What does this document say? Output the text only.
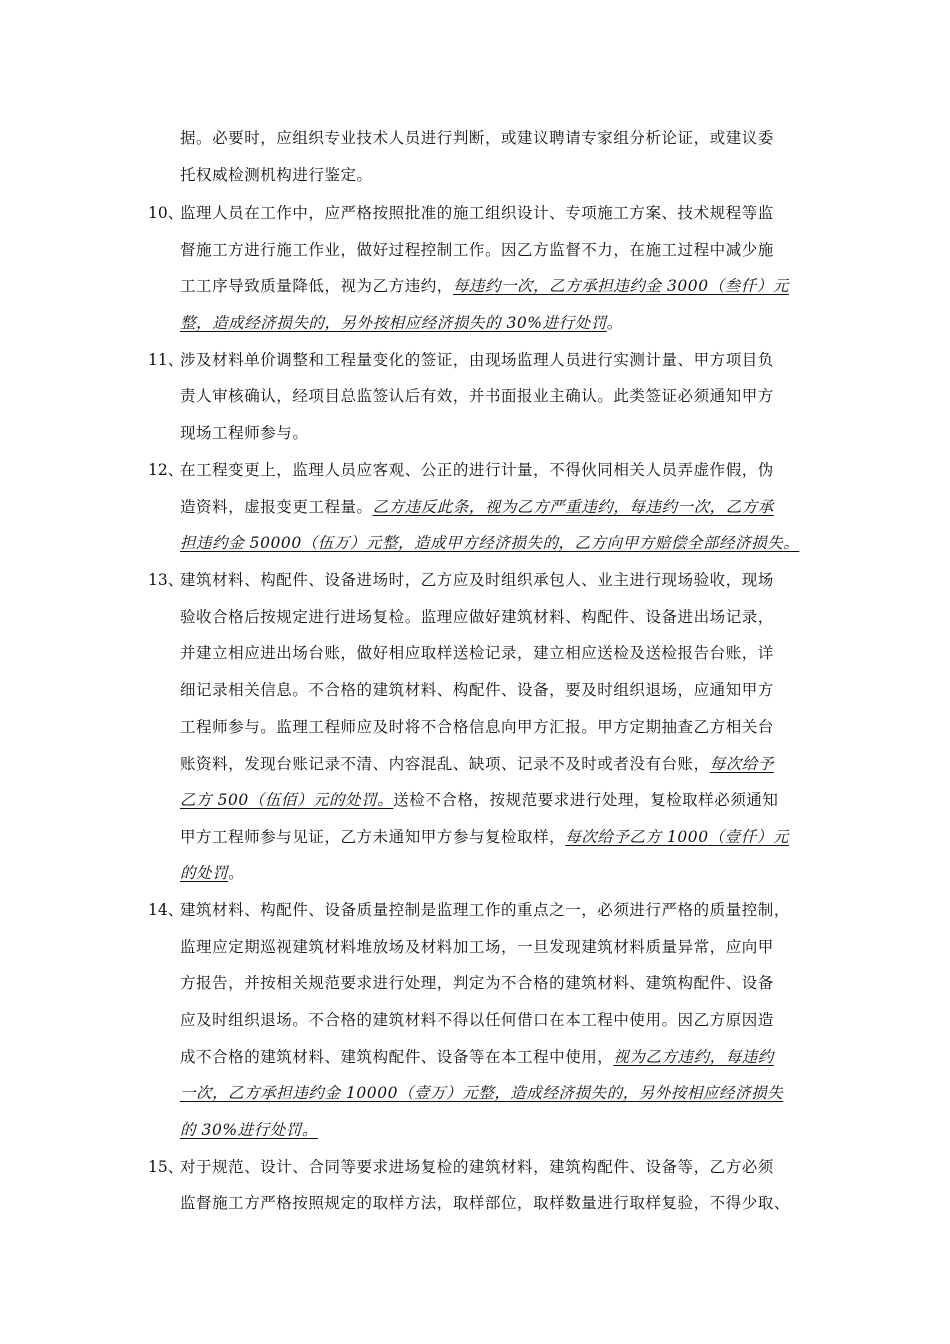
据。必要时，应组织专业技术人员进行判断，或建议聘请专家组分析论证，或建议委
托权威检测机构进行鉴定。
10、
监理人员在工作中，应严格按照批准的施工组织设计、专项施工方案、技术规程等监
督施工方进行施工作业，做好过程控制工作。因乙方监督不力，在施工过程中减少施
工工序导致质量降低，视为乙方违约，每违约一次，乙方承担违约金 3000（叁仟）元
整，造成经济损失的，另外按相应经济损失的 30%进行处罚。
11、
涉及材料单价调整和工程量变化的签证，由现场监理人员进行实测计量、甲方项目负
责人审核确认，经项目总监签认后有效，并书面报业主确认。此类签证必须通知甲方
现场工程师参与。
12、
在工程变更上，监理人员应客观、公正的进行计量，不得伙同相关人员弄虚作假，伪
造资料，虚报变更工程量。乙方违反此条，视为乙方严重违约，每违约一次，乙方承
担违约金 50000（伍万）元整，造成甲方经济损失的，乙方向甲方赔偿全部经济损失。
13、
建筑材料、构配件、设备进场时，乙方应及时组织承包人、业主进行现场验收，现场
验收合格后按规定进行进场复检。监理应做好建筑材料、构配件、设备进出场记录，
并建立相应进出场台账，做好相应取样送检记录，建立相应送检及送检报告台账，详
细记录相关信息。不合格的建筑材料、构配件、设备，要及时组织退场，应通知甲方
工程师参与。监理工程师应及时将不合格信息向甲方汇报。甲方定期抽查乙方相关台
账资料，发现台账记录不清、内容混乱、缺项、记录不及时或者没有台账，每次给予
乙方 500（伍佰）元的处罚。送检不合格，按规范要求进行处理，复检取样必须通知
甲方工程师参与见证，乙方未通知甲方参与复检取样，每次给予乙方 1000（壹仟）元
的处罚。
14、
建筑材料、构配件、设备质量控制是监理工作的重点之一，必须进行严格的质量控制，
监理应定期巡视建筑材料堆放场及材料加工场，一旦发现建筑材料质量异常，应向甲
方报告，并按相关规范要求进行处理，判定为不合格的建筑材料、建筑构配件、设备
应及时组织退场。不合格的建筑材料不得以任何借口在本工程中使用。因乙方原因造
成不合格的建筑材料、建筑构配件、设备等在本工程中使用，视为乙方违约，每违约
一次，乙方承担违约金 10000（壹万）元整，造成经济损失的，另外按相应经济损失
的 30%进行处罚。
15、
对于规范、设计、合同等要求进场复检的建筑材料，建筑构配件、设备等，乙方必须
监督施工方严格按照规定的取样方法，取样部位，取样数量进行取样复验，不得少取、
